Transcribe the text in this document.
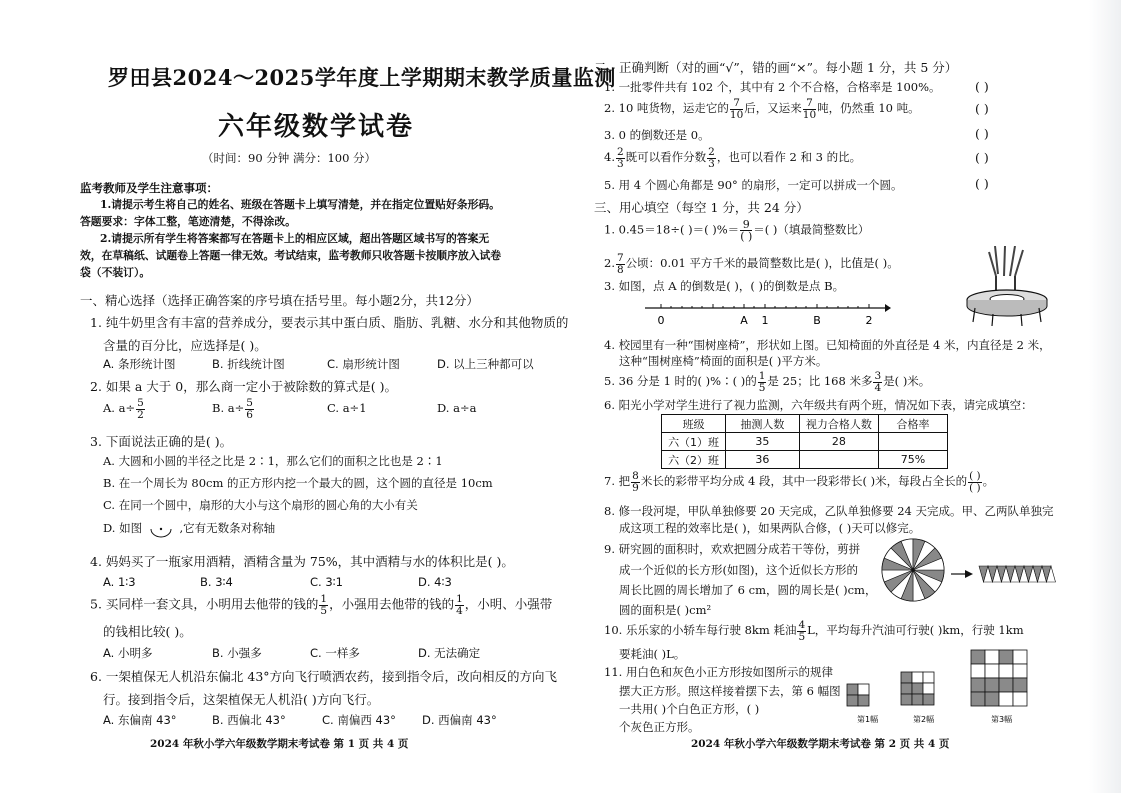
罗田县2024～2025学年度上学期期末教学质量监测
六年级数学试卷
（时间：90 分钟 满分：100 分）
监考教师及学生注意事项：
1.请提示考生将自己的姓名、班级在答题卡上填写清楚，并在指定位置贴好条形码。
答题要求：字体工整，笔迹清楚，不得涂改。
2.请提示所有学生将答案都写在答题卡上的相应区域，超出答题区域书写的答案无
效，在草稿纸、试题卷上答题一律无效。考试结束，监考教师只收答题卡按顺序放入试卷
袋（不装订）。
一、精心选择（选择正确答案的序号填在括号里。每小题2分，共12分）
1. 纯牛奶里含有丰富的营养成分，要表示其中蛋白质、脂肪、乳糖、水分和其他物质的
含量的百分比，应选择是( )。
A. 条形统计图	B. 折线统计图	C. 扇形统计图	D. 以上三种都可以
2. 如果 a 大于 0，那么商一定小于被除数的算式是( )。
A. $a\div \frac{5}{2}$	B. $a\div \frac{5}{6}$	C. a÷1	D. a÷a
3. 下面说法正确的是( )。
A. 大圆和小圆的半径之比是 2∶1，那么它们的面积之比也是 2∶1
B. 在一个周长为 80cm 的正方形内挖一个最大的圆，这个圆的直径是 10cm
C. 在同一个圆中，扇形的大小与这个扇形的圆心角的大小有关
D. 如图	,它有无数条对称轴
4. 妈妈买了一瓶家用酒精，酒精含量为 75%，其中酒精与水的体积比是( )。
A. 1∶3	B. 3∶4	C. 3∶1	D. 4∶3
5. 买同样一套文具，小明用去他带的钱的 $\frac{1}{5}$ ，小强用去他带的钱的 $\frac{1}{4}$ ，小明、小强带
的钱相比较( )。
A. 小明多	B. 小强多	C. 一样多	D. 无法确定
6. 一架植保无人机沿东偏北 43°方向飞行喷洒农药，接到指令后，改向相反的方向飞
行。接到指令后，这架植保无人机沿( )方向飞行。
A. 东偏南 43°	B. 西偏北 43°	C. 南偏西 43° D. 西偏南 43°
2024 年秋小学六年级数学期末考试卷 第 1 页 共 4 页
二、正确判断（对的画“√”，错的画“×”。每小题 1 分，共 5 分）
1. 一批零件共有 102 个，其中有 2 个不合格，合格率是 100%。	( )
2. 10 吨货物，运走它的 $\frac{7}{10}$ 后，又运来 $\frac{7}{10}$ 吨，仍然重 10 吨。	( )
3. 0 的倒数还是 0。	( )
4. $\frac{2}{3}$ 既可以看作分数 $\frac{2}{3}$ ，也可以看作 2 和 3 的比。	( )
5. 用 4 个圆心角都是 90° 的扇形，一定可以拼成一个圆。	( )
三、用心填空（每空 1 分，共 24 分）
1. 0.45＝18÷( )＝( )%＝ $\frac{9}{( )}$ ＝( )（填最简整数比）
2. $\frac{7}{8}$ 公顷：0.01 平方千米的最简整数比是( )，比值是( )。
3. 如图，点 A 的倒数是( )，( )的倒数是点 B。
0	A 1	B	2
4. 校园里有一种“围树座椅”，形状如上图。已知椅面的外直径是 4 米，内直径是 2 米，
这种“围树座椅”椅面的面积是( )平方米。
5. 36 分是 1 时的( )%∶( )的 $\frac{1}{5}$ 是 25；比 168 米多 $\frac{3}{4}$ 是( )米。
6. 阳光小学对学生进行了视力监测，六年级共有两个班，情况如下表，请完成填空：
班级	抽测人数	视力合格人数	合格率
六（1）班	35	28	
六（2）班	36		75%
7. 把 $\frac{8}{9}$ 米长的彩带平均分成 4 段，其中一段彩带长( )米，每段占全长的 $\frac{( )}{( )}$ 。
8. 修一段河堤，甲队单独修要 20 天完成，乙队单独修要 24 天完成。甲、乙两队单独完
成这项工程的效率比是( )，如果两队合修，( )天可以修完。
9. 研究圆的面积时，欢欢把圆分成若干等份，剪拼
成一个近似的长方形(如图)，这个近似长方形的
周长比圆的周长增加了 6 cm，圆的周长是( )cm，
圆的面积是( )cm²
10. 乐乐家的小轿车每行驶 8km 耗油 $\frac{4}{5}$ L，平均每升汽油可行驶( )km，行驶 1km
要耗油( )L。
11. 用白色和灰色小正方形按如图所示的规律
摆大正方形。照这样接着摆下去，第 6 幅图
一共用( )个白色正方形，( )
个灰色正方形。
第1幅	第2幅	第3幅
2024 年秋小学六年级数学期末考试卷 第 2 页 共 4 页
